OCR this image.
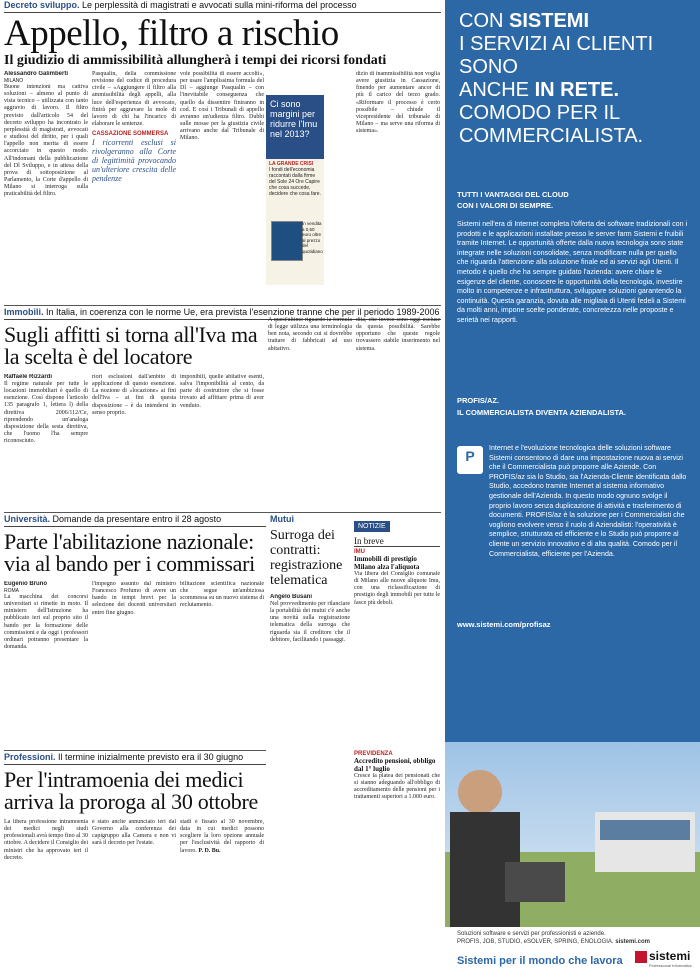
Decreto sviluppo. Le perplessità di magistrati e avvocati sulla mini-riforma del processo
Appello, filtro a rischio
Il giudizio di ammissibilità allungherà i tempi dei ricorsi fondati
Alessandro Galimberti
MILANO
Buone intenzioni ma cattiva soluzioni – almeno al punto di vista tecnico – utilizzata con tanto aggravio di lavoro. Il filtro previsto dall'articolo 54 del decreto sviluppo ha incontrato le perplessità di magistrati, avvocati e studiosi del diritto, per i quali l'appello non merita di essere accorciato in questo modo. All'indomani della pubblicazione del Dl Sviluppo, e in attesa della prova di sottoposizione al Parlamento, la Corte d'appello di Milano si interroga sulla praticabilità del filtro.
Pasqualin, della commissione revisione del codice di procedura civile – «Aggiungere il filtro alla ammissibilità degli appelli, alla luce dell'esperienza di avvocato, finirà per aggravare la mole di lavoro di chi ha l'incarico di elaborare le sentenze.
CASSAZIONE SOMMERSA
I ricorrenti esclusi si rivolgeranno alla Corte di legittimità provocando un'ulteriore crescita delle pendenze
vole possibilità di essere accolti», per usare l'amplissima formula del Dl – aggiunge Pasqualin – con l'inevitabile conseguenza che quello da dissentire finiranno in cod. E così i Tribunali di appello avranno un'udienza filtro. Dubbi sulle mosse per la giustizia civile arrivano anche dal Tribunale di Milano.
dizio di inammissibilità non voglia avere giustizia in Cassazione, finendo per aumentare ancor di più il carico del terzo grado. «Riformare il processo è certo possibile – chiude il vicepresidente del tribunale di Milano – ma serve una riforma di sistema».
Ci sono margini per ridurre l'Imu nel 2013?
LA GRANDE CRISI
I fondi dell'economia raccontati dalla firme del Sole 24 Ore Capire che cosa succede, decidere che cosa fare.
In vendita a 0,50 euro oltre al prezzo del quotidiano
Immobili. In Italia, in coerenza con le norme Ue, era prevista l'esenzione tranne che per il periodo 1989-2006
Sugli affitti si torna all'Iva ma la scelta è del locatore
Raffaele Rizzardi
Il regime naturale per tutte le locazioni immobiliari è quello di esenzione. Così dispone l'articolo 135 paragrafo 1, lettera l) della direttiva 2006/112/Ce, riprendendo un'analoga disposizione della sesta direttiva, che l'uomo l'ha sempre riconosciuto.
riori esclusioni dall'ambito di applicazione di questo esenzione. La nozione di «locazione» ai fini dell'Iva – ai fini di questa disposizione – è da intendersi in senso proprio.
imponibili, quelle abitative esenti, salva l'imponibilità al cento, da parte di costruttore che si fosse trovato ad affittare prima di aver venduto.
A quest'ultimo riguardo la formula di legge utilizza una terminologia ben nota, secondo cui si dovrebbe trattare di fabbricati ad uso abitativo.
dita, che invece sono oggi escluse da questa possibilità. Sarebbe opportuno che queste regole trovassero stabile inserimento nel sistema.
Università. Domande da presentare entro il 28 agosto
Parte l'abilitazione nazionale: via al bando per i commissari
Eugenio Bruno
ROMA
La macchina dei concorsi universitari si rimette in moto. Il ministero dell'Istruzione ha pubblicato ieri sul proprio sito il bando per la formazione delle commissioni e da oggi i professori ordinari potranno presentare la domanda.
l'impegno assunto dal ministro Francesco Profumo di avere un bando in tempi brevi per la selezione dei docenti universitari entro fine giugno.
bilitazione scientifica nazionale che segue un'ambiziosa scommessa su un nuovo sistema di reclutamento.
Mutui
Surroga dei contratti: registrazione telematica
Angelo Busani
Nel provvedimento per rilanciare la portabilità dei mutui c'è anche una novità sulla registrazione telematica della surroga che riguarda sia il creditore che il debitore, facilitando i passaggi.
NOTIZIE
In breve
IMU
Immobili di prestigio Milano alza l'aliquota
Via libera del Consiglio comunale di Milano alle nuove aliquote Imu, con una riclassificazione di prestigio degli immobili per tutte le fasce più deboli.
PREVIDENZA
Accredito pensioni, obbligo dal 1° luglio
Cresce la platea dei pensionati che si stanno adeguando all'obbligo di accreditamento delle pensioni per i trattamenti superiori a 1.000 euro.
Professioni. Il termine inizialmente previsto era il 30 giugno
Per l'intramoenia dei medici arriva la proroga al 30 ottobre
La libera professione intramoenia dei medici negli studi professionali avrà tempo fino al 30 ottobre. A decidere il Consiglio dei ministri che ha approvato ieri il decreto.
è stato anche annunciato ieri dal Governo alla conferenza dei capigruppo alla Camera e non vi sarà il decreto per l'estate.
stadi è fissato al 30 novembre, data in cui medici possono scegliere la loro opzione annuale per l'esclusività del rapporto di lavoro. P. D. Bu.
CON SISTEMI
I SERVIZI AI CLIENTI
SONO
ANCHE IN RETE.
COMODO PER IL
COMMERCIALISTA.
TUTTI I VANTAGGI DEL CLOUD
CON I VALORI DI SEMPRE.
Sistemi nell'era di Internet completa l'offerta dei software tradizionali con i prodotti e le applicazioni installate presso le server farm Sistemi e fruibili tramite Internet. Le opportunità offerte dalla nuova tecnologia sono state integrate nelle soluzioni consolidate, senza modificare nulla per quello che riguarda l'attenzione alla soluzione finale ed ai servizi agli Utenti. Il metodo è quello che ha sempre guidato l'azienda: avere chiare le esigenze del cliente, conoscere le opportunità della tecnologia, investire molto in competenze e infrastruttura, sviluppare soluzioni garantendo la continuità. Questa garanzia, dovuta alle migliaia di Utenti fedeli a Sistemi da molti anni, impone scelte ponderate, concretezza nelle proposte e serietà nei rapporti.
PROFIS/AZ.
IL COMMERCIALISTA DIVENTA AZIENDALISTA.
P	Internet e l'evoluzione tecnologica delle soluzioni software Sistemi consentono di dare una impostazione nuova ai servizi che il Commercialista può proporre alle Aziende. Con PROFIS/az sia lo Studio, sia l'Azienda-Cliente identificata dallo Studio, accedono tramite Internet al sistema informativo gestionale dell'Azienda. In questo modo ognuno svolge il proprio lavoro senza duplicazione di attività e trasferimento di documenti. PROFIS/az è la soluzione per i Commercialisti che vogliono evolvere verso il ruolo di Aziendalisti: l'operatività è semplice, strutturata ed efficiente e lo Studio può proporre al cliente un servizio innovativo e di alta qualità. Comodo per il Commercialista, efficiente per l'Azienda.
www.sistemi.com/profisaz
Soluzioni software e servizi per professionisti e aziende.
PROFIS, JOB, STUDIO, eSOLVER, SPRING, ENOLOGIA. sistemi.com
Sistemi per il mondo che lavora sistemi
Professional Informatics
